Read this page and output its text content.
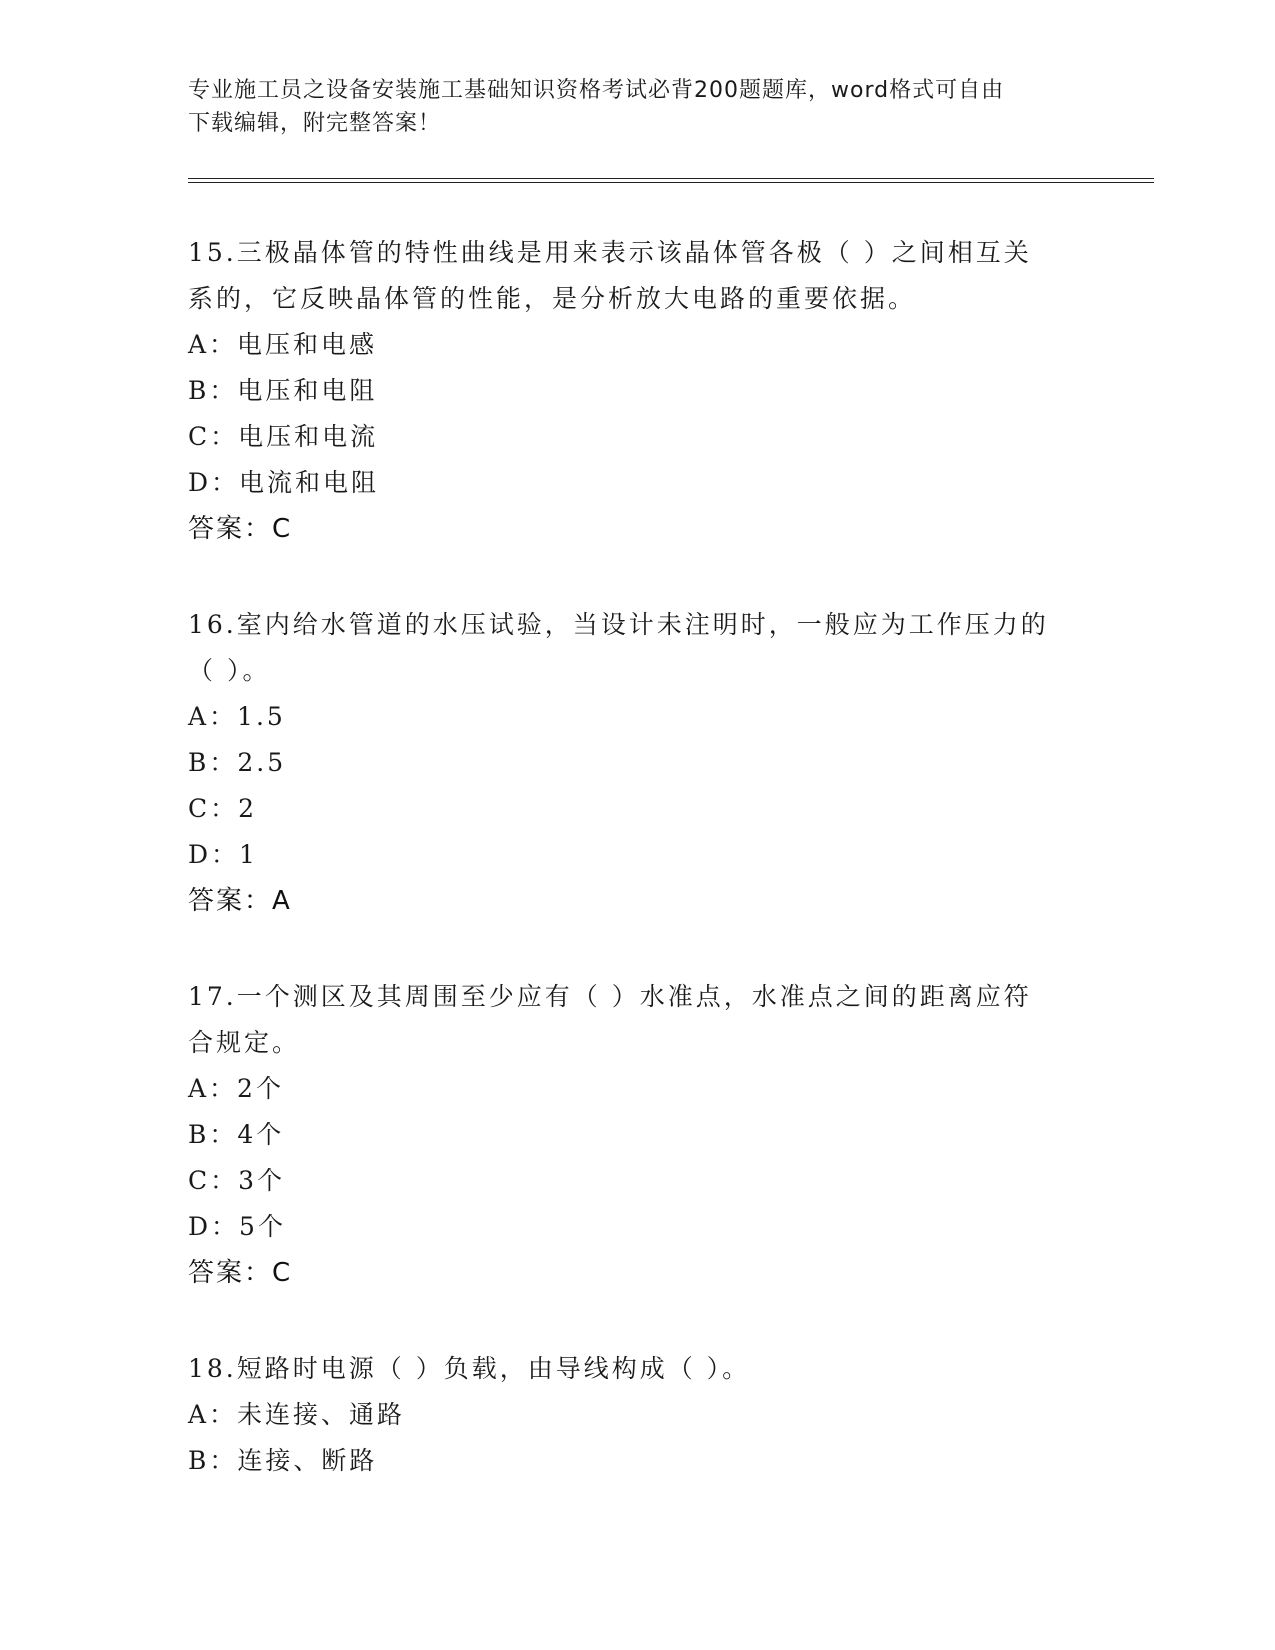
专业施工员之设备安装施工基础知识资格考试必背200题题库，word格式可自由
下载编辑，附完整答案！
15.三极晶体管的特性曲线是用来表示该晶体管各极（ ）之间相互关
系的，它反映晶体管的性能，是分析放大电路的重要依据。
A：电压和电感
B：电压和电阻
C：电压和电流
D：电流和电阻
答案：C
16.室内给水管道的水压试验，当设计未注明时，一般应为工作压力的
（ ）。
A：1.5
B：2.5
C：2
D：1
答案：A
17.一个测区及其周围至少应有（ ）水准点，水准点之间的距离应符
合规定。
A：2个
B：4个
C：3个
D：5个
答案：C
18.短路时电源（ ）负载，由导线构成（ ）。
A：未连接、通路
B：连接、断路
